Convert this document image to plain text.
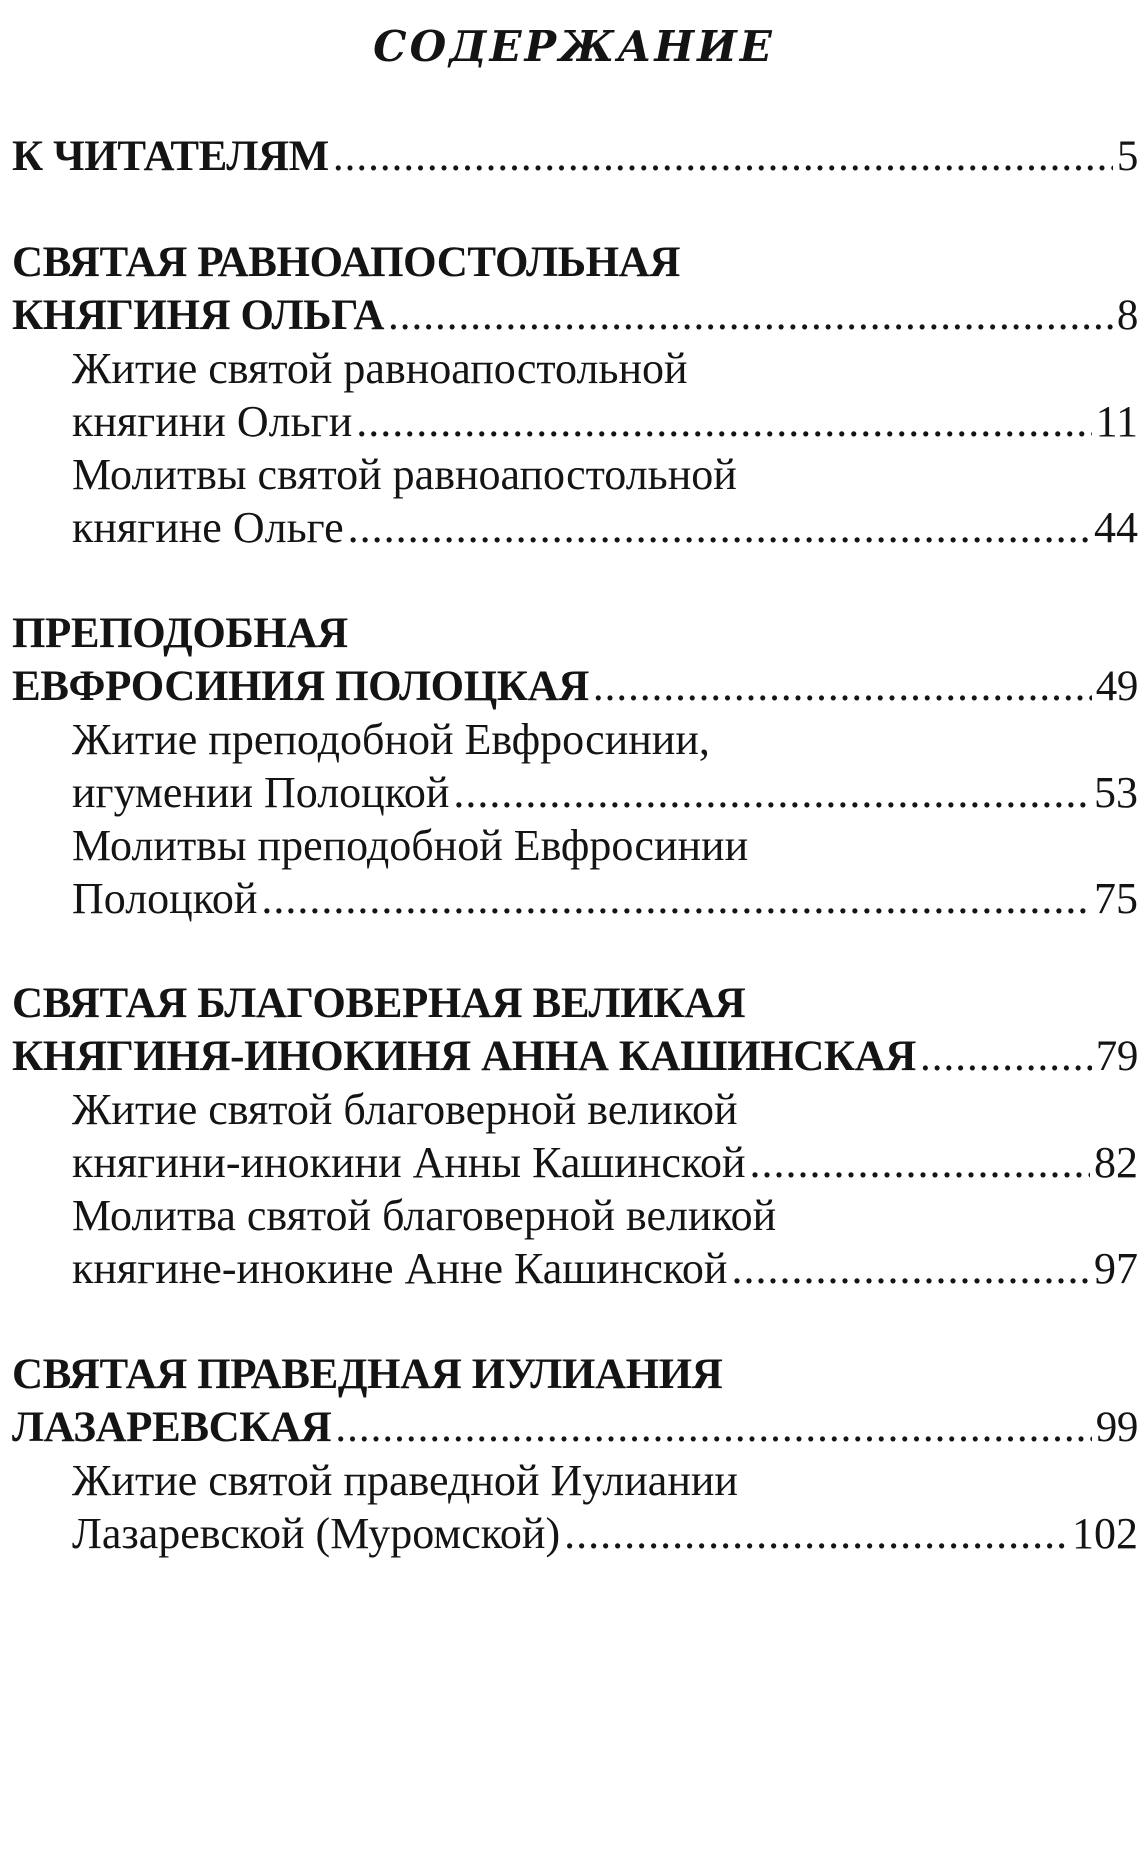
содержание
К ЧИТАТЕЛЯМ .....	5
СВЯТАЯ РАВНОАПОСТОЛЬНАЯ
КНЯГИНЯ ОЛЬГА .....	8
Житие святой равноапостольной
княгини Ольги .....	11
Молитвы святой равноапостольной
княгине Ольге .....	44
ПРЕПОДОБНАЯ
ЕВФРОСИНИЯ ПОЛОЦКАЯ .....	49
Житие преподобной Евфросинии,
игумении Полоцкой .....	53
Молитвы преподобной Евфросинии
Полоцкой .....	75
СВЯТАЯ БЛАГОВЕРНАЯ ВЕЛИКАЯ
КНЯГИНЯ-ИНОКИНЯ АННА КАШИНСКАЯ .....	79
Житие святой благоверной великой
княгини-инокини Анны Кашинской .....	82
Молитва святой благоверной великой
княгине-инокине Анне Кашинской .....	97
СВЯТАЯ ПРАВЕДНАЯ ИУЛИАНИЯ
ЛАЗАРЕВСКАЯ .....	99
Житие святой праведной Иулиании
Лазаревской (Муромской) .....	102
